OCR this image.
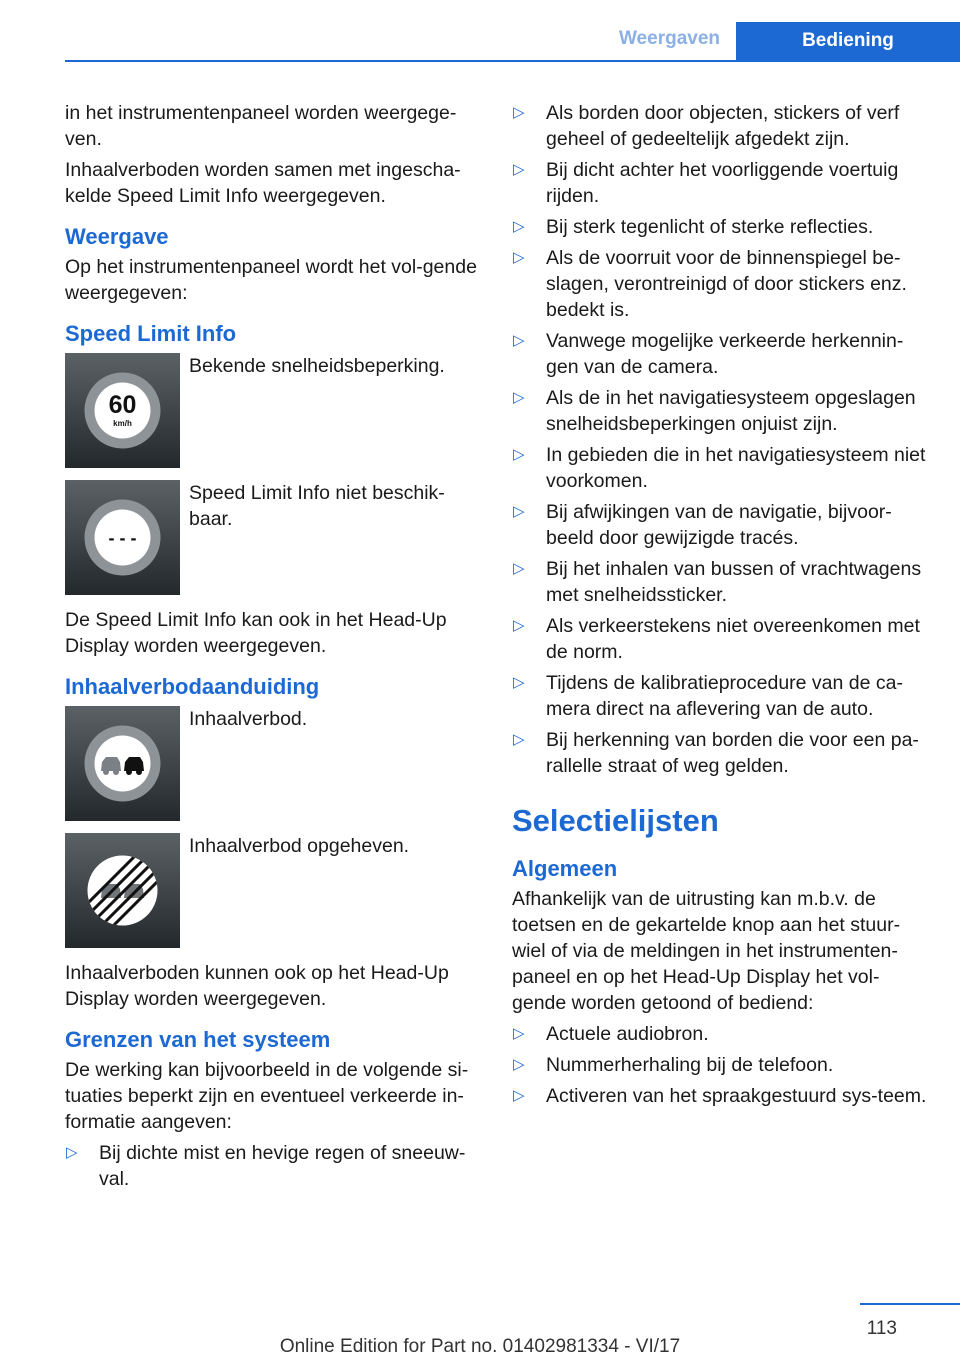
Weergaven	Bediening

in het instrumentenpaneel worden weergege-ven.

Inhaalverboden worden samen met ingescha-kelde Speed Limit Info weergegeven.

Weergave

Op het instrumentenpaneel wordt het vol-gende weergegeven:

Speed Limit Info
60
km/h
Bekende snelheidsbeperking.
- - -
Speed Limit Info niet beschik-baar.

De Speed Limit Info kan ook in het Head-Up Display worden weergegeven.

Inhaalverbodaanduiding
Inhaalverbod.
Inhaalverbod opgeheven.

Inhaalverboden kunnen ook op het Head-Up Display worden weergegeven.

Grenzen van het systeem

De werking kan bijvoorbeeld in de volgende si-tuaties beperkt zijn en eventueel verkeerde in-formatie aangeven:

▷	Bij dichte mist en hevige regen of sneeuw-val.
▷	Als borden door objecten, stickers of verf geheel of gedeeltelijk afgedekt zijn.
▷	Bij dicht achter het voorliggende voertuig rijden.
▷	Bij sterk tegenlicht of sterke reflecties.
▷	Als de voorruit voor de binnenspiegel be-slagen, verontreinigd of door stickers enz. bedekt is.
▷	Vanwege mogelijke verkeerde herkennin-gen van de camera.
▷	Als de in het navigatiesysteem opgeslagen snelheidsbeperkingen onjuist zijn.
▷	In gebieden die in het navigatiesysteem niet voorkomen.
▷	Bij afwijkingen van de navigatie, bijvoor-beeld door gewijzigde tracés.
▷	Bij het inhalen van bussen of vrachtwagens met snelheidssticker.
▷	Als verkeerstekens niet overeenkomen met de norm.
▷	Tijdens de kalibratieprocedure van de ca-mera direct na aflevering van de auto.
▷	Bij herkenning van borden die voor een pa-rallelle straat of weg gelden.
Selectielijsten
Algemeen

Afhankelijk van de uitrusting kan m.b.v. de toetsen en de gekartelde knop aan het stuur-wiel of via de meldingen in het instrumenten-paneel en op het Head-Up Display het vol-gende worden getoond of bediend:

▷	Actuele audiobron.
▷	Nummerherhaling bij de telefoon.
▷	Activeren van het spraakgestuurd sys-teem.
113
Online Edition for Part no. 01402981334 - VI/17
